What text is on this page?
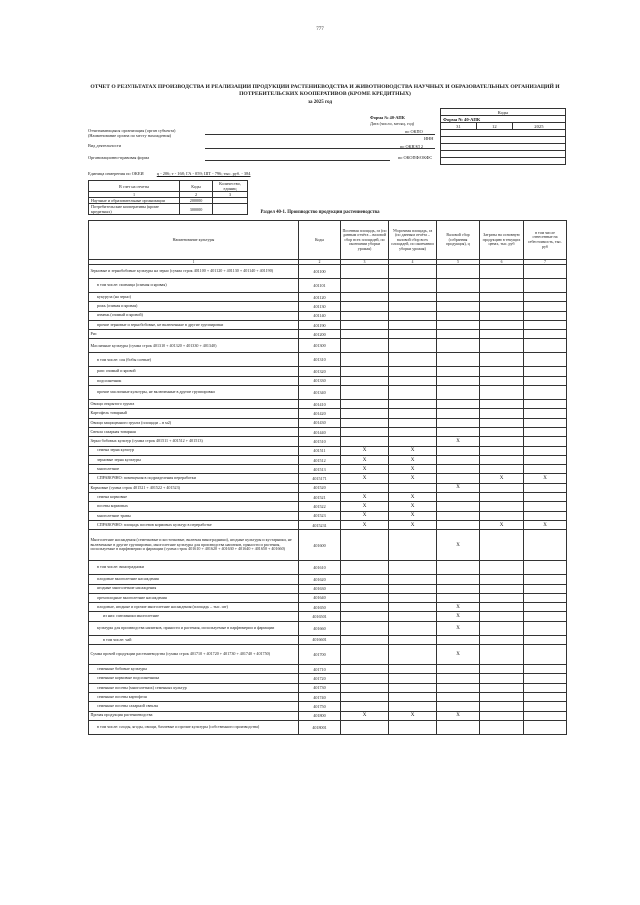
777
ОТЧЕТ О РЕЗУЛЬТАТАХ ПРОИЗВОДСТВА И РЕАЛИЗАЦИИ ПРОДУКЦИИ РАСТЕНИЕВОДСТВА И ЖИВОТНОВОДСТВА НАУЧНЫХ И ОБРАЗОВАТЕЛЬНЫХ ОРГАНИЗАЦИЙ И ПОТРЕБИТЕЛЬСКИХ КООПЕРАТИВОВ (КРОМЕ КРЕДИТНЫХ)
за 2025 год
Коды
Форма № 40-АПК
31	12	2025

Форма № 40-АПК
Дата (число, месяц, год)
по ОКПО
ИНН
по ОКВЭД 2
по ОКОПФ/ОКФС
Отчитывающаяся организация (орган субъекта)
(Наименование органа по месту нахождения)
Вид деятельности
Организационно-правовая форма
Единица измерения по ОКЕИ	ц - 206; т - 168; ГА - 059; ШТ - 796; тыс. руб. - 384
В счет на отчеты	Коды	Количество, единиц
1	2	3
Научные и образовательные организации	200000	
Потребительские кооперативы (кроме кредитных)	300000	
Раздел 40-1. Производство продукции растениеводства
Наименование культуры	Коды	Посевная площадь, га (по данным отчёта – валовой сбор всех площадей, по окончании уборки урожая)	Уборочная площадь, га (по данным отчёта – валовой сбор всех площадей, по окончании уборки урожая)	Валовой сбор (собранная продукция), ц	Затраты на основную продукцию в текущих ценах, тыс. руб	в том числе отнесенные на себестоимость, тыс. руб
1	2	3	4	5	6	7
Зерновые и зернобобовые культуры на зерно (сумма строк 401100 + 401120 + 401130 + 401140 + 401190)	401100					
в том числе: пшеница (озимая и яровая)	401101					
кукуруза (на зерно)	401120					
рожь (озимая и яровая)	401130					
ячмень (озимый и яровой)	401140					
прочие зерновые и зернобобовые, не включенные в другие группировки	401190					
Рис	401200					
Масличные культуры (сумма строк 401310 + 401320 + 401330 + 401340)	401300					
в том числе: соя (бобы соевые)	401310					
рапс озимый и яровой	401320					
подсолнечник	401330					
прочие масличные культуры, не включенные в другие группировки	401340					
Овощи открытого грунта	401410					
Картофель товарный	401420					
Овощи защищенного грунта (площади – в м2)	401430					
Свекла сахарная товарная	401440					
Зерно бобовых культур (сумма строк 401511 + 401512 + 401513)	401510			X		
семена зерна культур	401511	X	X			
зерновые зерна культуры	401512	X	X			
многолетние	401513	X	X			
СПРАВОЧНО: помещения в подразделения переработки	4015171	X	X		X	X
Кормовые (сумма строк 401521 + 401522 + 401523)	401520			X		
семена кормовые	401521	X	X			
посевы кормовых	401522	X	X			
многолетние травы	401523	X	X			
СПРАВОЧНО: площадь посевов кормовых культур в переработке	4015231	X	X		X	X
Многолетние насаждения (семечковые и косточковые, включая виноградники), ягодные культуры и кустарники, не включенные в другие группировки, многолетние культуры для производства напитков, пряности и растения, используемые в парфюмерии и фармации (сумма строк 401610 + 401620 + 401630 + 401640 + 401650 + 401660)	401600			X		
в том числе: виноградники	401610					
плодовые многолетние насаждения	401620					
ягодные многолетние насаждения	401630					
орехоплодные многолетние насаждения	401640					
плодовые, ягодные и прочие многолетние насаждения (площадь – тыс. шт)	401650			X		
из них: питомники многолетние	4016501			X		
культуры для производства напитков, пряности и растения, используемые в парфюмерии и фармации	401660			X		
в том числе: чай	4016601					
Сумма прочей продукции растениеводства (сумма строк 401710 + 401720 + 401730 + 401740 + 401750)	401700			X		
семенные бобовые культуры	401710					
семенные кормовые подсолнечника	401720					
семенные посевы (многолетних) семенных культур	401730					
семенные посевы картофеля	401740					
семенные посевы сахарной свеклы	401750					
Прочая продукция растениеводства	401800	X	X	X		
в том числе: плоды, ягоды, овощи, бахчевые и прочие культуры (собственного производства)	4018001					
